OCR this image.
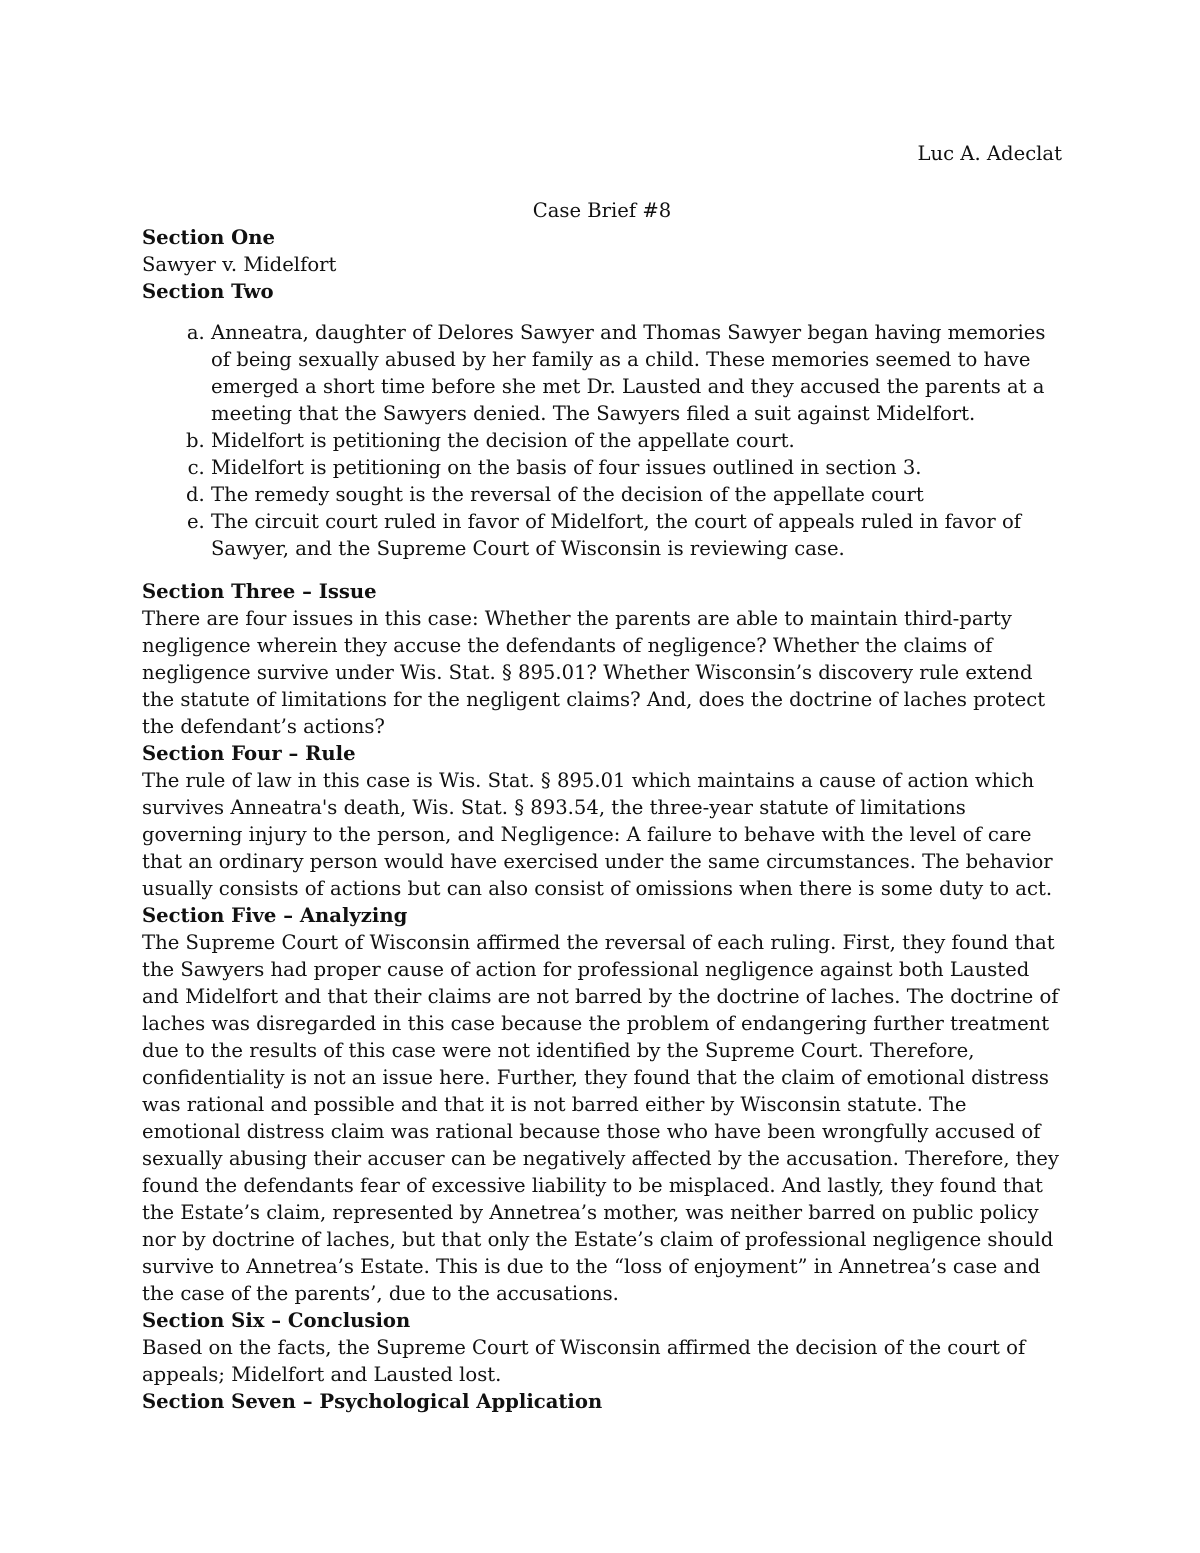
Luc A. Adeclat
Case Brief #8
Section One
Sawyer v. Midelfort
Section Two
a. Anneatra, daughter of Delores Sawyer and Thomas Sawyer began having memories of being sexually abused by her family as a child. These memories seemed to have emerged a short time before she met Dr. Lausted and they accused the parents at a meeting that the Sawyers denied. The Sawyers filed a suit against Midelfort.
b. Midelfort is petitioning the decision of the appellate court.
c. Midelfort is petitioning on the basis of four issues outlined in section 3.
d. The remedy sought is the reversal of the decision of the appellate court
e. The circuit court ruled in favor of Midelfort, the court of appeals ruled in favor of Sawyer, and the Supreme Court of Wisconsin is reviewing case.
Section Three – Issue

There are four issues in this case: Whether the parents are able to maintain third-party negligence wherein they accuse the defendants of negligence? Whether the claims of negligence survive under Wis. Stat. § 895.01? Whether Wisconsin’s discovery rule extend the statute of limitations for the negligent claims? And, does the doctrine of laches protect the defendant’s actions?

Section Four – Rule

The rule of law in this case is Wis. Stat. § 895.01 which maintains a cause of action which survives Anneatra's death, Wis. Stat. § 893.54, the three-year statute of limitations governing injury to the person, and Negligence: A failure to behave with the level of care that an ordinary person would have exercised under the same circumstances. The behavior usually consists of actions but can also consist of omissions when there is some duty to act.

Section Five – Analyzing

The Supreme Court of Wisconsin affirmed the reversal of each ruling. First, they found that the Sawyers had proper cause of action for professional negligence against both Lausted and Midelfort and that their claims are not barred by the doctrine of laches. The doctrine of laches was disregarded in this case because the problem of endangering further treatment due to the results of this case were not identified by the Supreme Court. Therefore, confidentiality is not an issue here. Further, they found that the claim of emotional distress was rational and possible and that it is not barred either by Wisconsin statute. The emotional distress claim was rational because those who have been wrongfully accused of sexually abusing their accuser can be negatively affected by the accusation. Therefore, they found the defendants fear of excessive liability to be misplaced. And lastly, they found that the Estate’s claim, represented by Annetrea’s mother, was neither barred on public policy nor by doctrine of laches, but that only the Estate’s claim of professional negligence should survive to Annetrea’s Estate. This is due to the “loss of enjoyment” in Annetrea’s case and the case of the parents’, due to the accusations.

Section Six – Conclusion

Based on the facts, the Supreme Court of Wisconsin affirmed the decision of the court of appeals; Midelfort and Lausted lost.

Section Seven – Psychological Application
